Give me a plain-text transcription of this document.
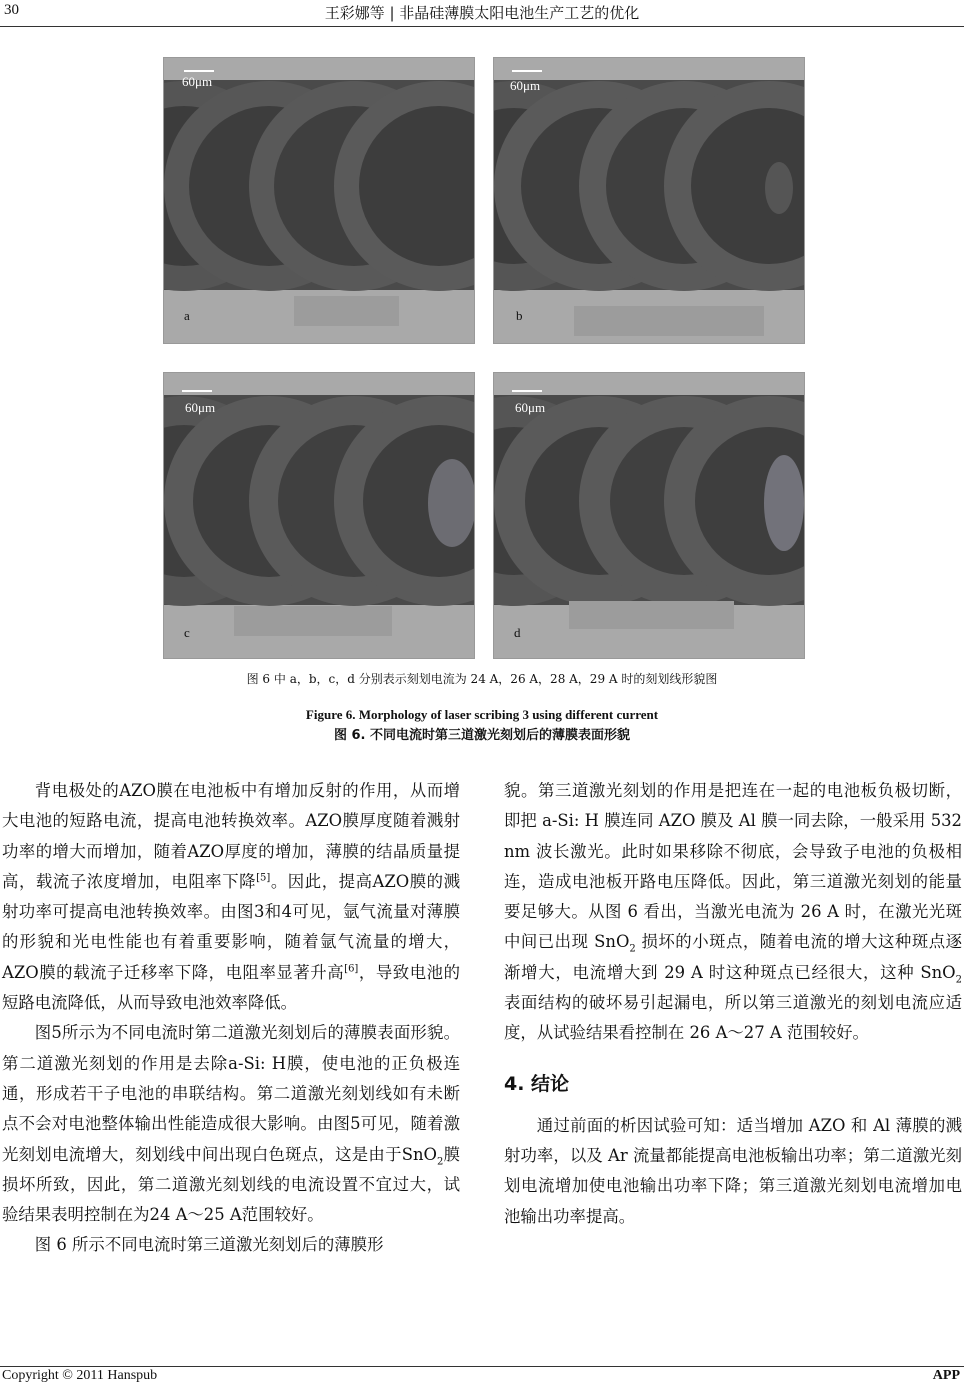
30	王彩娜等 | 非晶硅薄膜太阳电池生产工艺的优化
60μm
a
60μm
b
60μm
c
60μm
d
图 6 中 a，b，c，d 分别表示刻划电流为 24 A，26 A，28 A，29 A 时的刻划线形貌图
Figure 6. Morphology of laser scribing 3 using different current
图 6. 不同电流时第三道激光刻划后的薄膜表面形貌

背电极处的AZO膜在电池板中有增加反射的作用，从而增大电池的短路电流，提高电池转换效率。AZO膜厚度随着溅射功率的增大而增加，随着AZO厚度的增加，薄膜的结晶质量提高，载流子浓度增加，电阻率下降[5]。因此，提高AZO膜的溅射功率可提高电池转换效率。由图3和4可见，氩气流量对薄膜的形貌和光电性能也有着重要影响，随着氩气流量的增大，AZO膜的载流子迁移率下降，电阻率显著升高[6]，导致电池的短路电流降低，从而导致电池效率降低。

图5所示为不同电流时第二道激光刻划后的薄膜表面形貌。第二道激光刻划的作用是去除a-Si: H膜，使电池的正负极连通，形成若干子电池的串联结构。第二道激光刻划线如有未断点不会对电池整体输出性能造成很大影响。由图5可见，随着激光刻划电流增大，刻划线中间出现白色斑点，这是由于SnO$_2$膜损坏所致，因此，第二道激光刻划线的电流设置不宜过大，试验结果表明控制在为24 A～25 A范围较好。

图 6 所示不同电流时第三道激光刻划后的薄膜形

貌。第三道激光刻划的作用是把连在一起的电池板负极切断，即把 a-Si: H 膜连同 AZO 膜及 Al 膜一同去除，一般采用 532 nm 波长激光。此时如果移除不彻底，会导致子电池的负极相连，造成电池板开路电压降低。因此，第三道激光刻划的能量要足够大。从图 6 看出，当激光电流为 26 A 时，在激光光斑中间已出现 SnO$_2$ 损坏的小斑点，随着电流的增大这种斑点逐渐增大，电流增大到 29 A 时这种斑点已经很大，这种 SnO$_2$ 表面结构的破坏易引起漏电，所以第三道激光的刻划电流应适度，从试验结果看控制在 26 A～27 A 范围较好。

4. 结论

通过前面的析因试验可知：适当增加 AZO 和 Al 薄膜的溅射功率，以及 Ar 流量都能提高电池板输出功率；第二道激光刻划电流增加使电池输出功率下降；第三道激光刻划电流增加电池输出功率提高。

Copyright © 2011 Hanspub	APP
